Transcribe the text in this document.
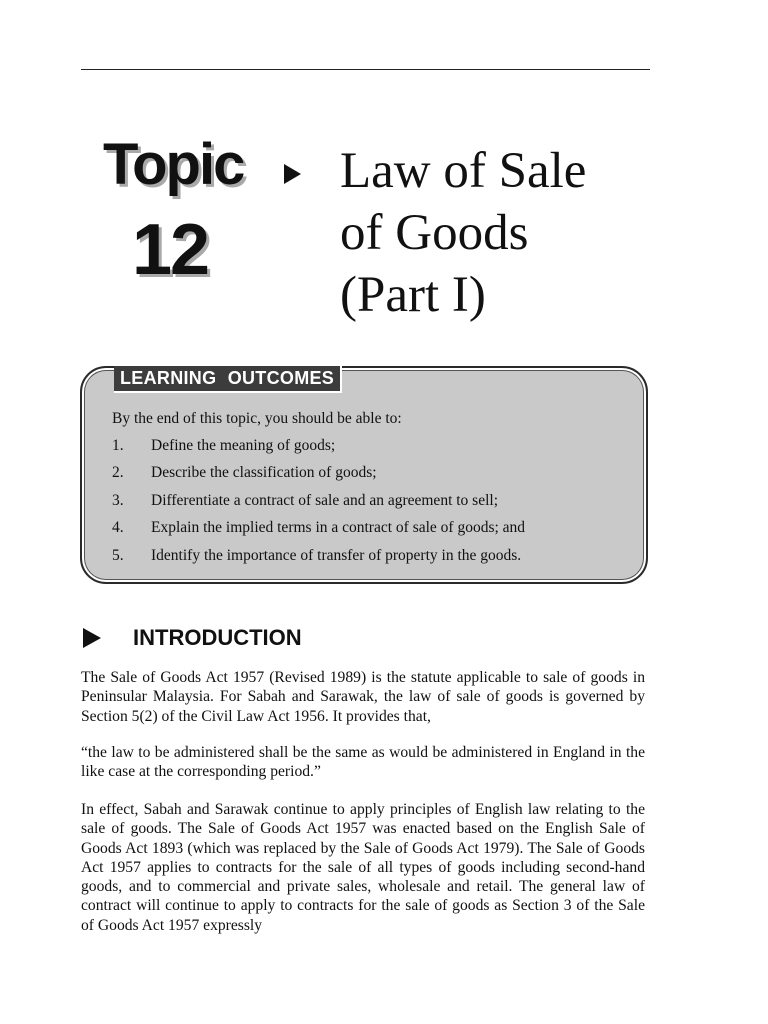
Topic
12
Law of Sale
of Goods
(Part I)
LEARNING OUTCOMES
By the end of this topic, you should be able to:
1.	Define the meaning of goods;
2.	Describe the classification of goods;
3.	Differentiate a contract of sale and an agreement to sell;
4.	Explain the implied terms in a contract of sale of goods; and
5.	Identify the importance of transfer of property in the goods.
INTRODUCTION

The Sale of Goods Act 1957 (Revised 1989) is the statute applicable to sale of goods in Peninsular Malaysia. For Sabah and Sarawak, the law of sale of goods is governed by Section 5(2) of the Civil Law Act 1956. It provides that,

“the law to be administered shall be the same as would be administered in England in the like case at the corresponding period.”

In effect, Sabah and Sarawak continue to apply principles of English law relating to the sale of goods. The Sale of Goods Act 1957 was enacted based on the English Sale of Goods Act 1893 (which was replaced by the Sale of Goods Act 1979). The Sale of Goods Act 1957 applies to contracts for the sale of all types of goods including second-hand goods, and to commercial and private sales, wholesale and retail. The general law of contract will continue to apply to contracts for the sale of goods as Section 3 of the Sale of Goods Act 1957 expressly
